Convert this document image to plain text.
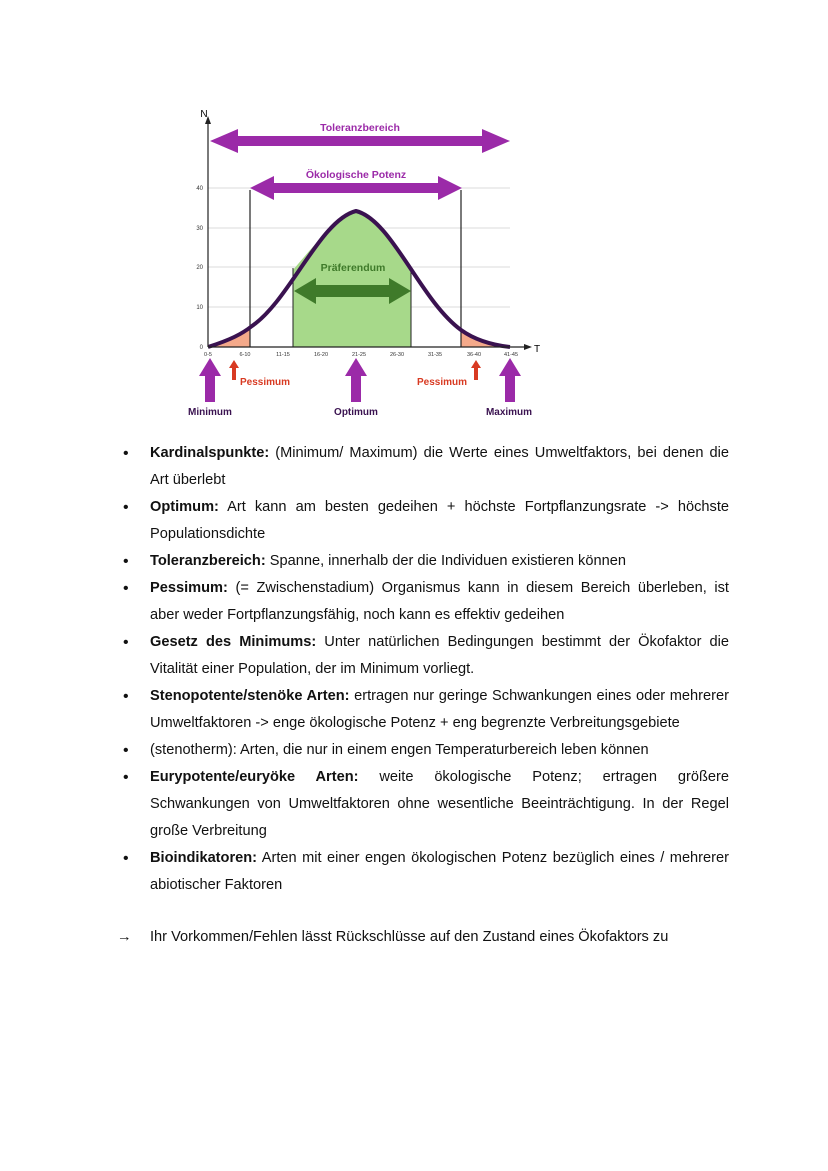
N
T
0
10
20
30
40
0-5	6-10	11-15	16-20	21-25	26-30	31-35	36-40	41-45
Toleranzbereich
Ökologische Potenz
Präferendum
Pessimum	Pessimum
Minimum	Optimum	Maximum
• Kardinalspunkte: (Minimum/ Maximum) die Werte eines Umweltfaktors, bei denen die Art überlebt
• Optimum: Art kann am besten gedeihen + höchste Fortpflanzungsrate -> höchste Populationsdichte
• Toleranzbereich: Spanne, innerhalb der die Individuen existieren können
• Pessimum: (= Zwischenstadium) Organismus kann in diesem Bereich überleben, ist aber weder Fortpflanzungsfähig, noch kann es effektiv gedeihen
• Gesetz des Minimums: Unter natürlichen Bedingungen bestimmt der Ökofaktor die Vitalität einer Population, der im Minimum vorliegt.
• Stenopotente/stenöke Arten: ertragen nur geringe Schwankungen eines oder mehrerer Umweltfaktoren -> enge ökologische Potenz + eng begrenzte Verbreitungsgebiete
• (stenotherm): Arten, die nur in einem engen Temperaturbereich leben können
• Eurypotente/euryöke Arten: weite ökologische Potenz; ertragen größere Schwankungen von Umweltfaktoren ohne wesentliche Beeinträchtigung. In der Regel große Verbreitung
• Bioindikatoren: Arten mit einer engen ökologischen Potenz bezüglich eines / mehrerer abiotischer Faktoren
→ Ihr Vorkommen/Fehlen lässt Rückschlüsse auf den Zustand eines Ökofaktors zu
